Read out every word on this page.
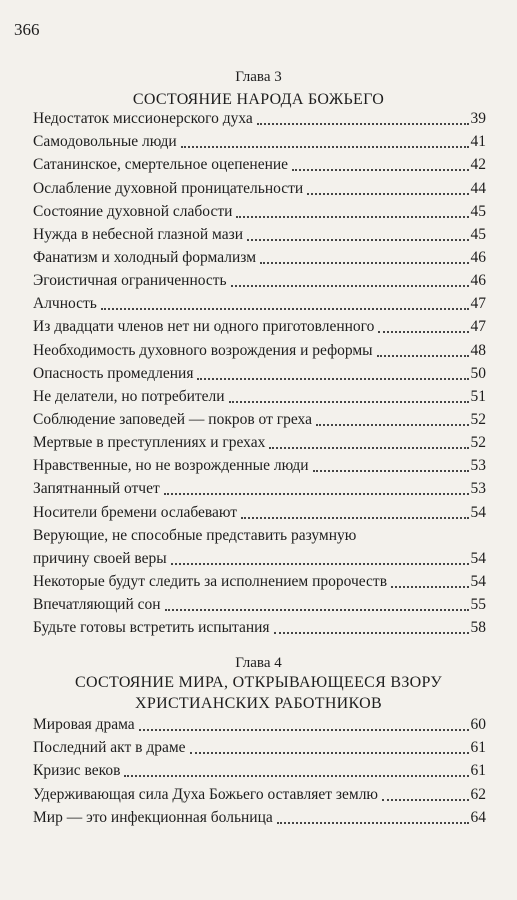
366
Глава 3
СОСТОЯНИЕ НАРОДА БОЖЬЕГО
Недостаток миссионерского духа	39
Самодовольные люди	41
Сатанинское, смертельное оцепенение	42
Ослабление духовной проницательности	44
Состояние духовной слабости	45
Нужда в небесной глазной мази	45
Фанатизм и холодный формализм	46
Эгоистичная ограниченность	46
Алчность	47
Из двадцати членов нет ни одного приготовленного	47
Необходимость духовного возрождения и реформы	48
Опасность промедления	50
Не делатели, но потребители	51
Соблюдение заповедей — покров от греха	52
Мертвые в преступлениях и грехах	52
Нравственные, но не возрожденные люди	53
Запятнанный отчет	53
Носители бремени ослабевают	54
Верующие, не способные представить разумную
причину своей веры	54
Некоторые будут следить за исполнением пророчеств	54
Впечатляющий сон	55
Будьте готовы встретить испытания	58
Глава 4
СОСТОЯНИЕ МИРА, ОТКРЫВАЮЩЕЕСЯ ВЗОРУ
ХРИСТИАНСКИХ РАБОТНИКОВ
Мировая драма	60
Последний акт в драме	61
Кризис веков	61
Удерживающая сила Духа Божьего оставляет землю	62
Мир — это инфекционная больница	64
